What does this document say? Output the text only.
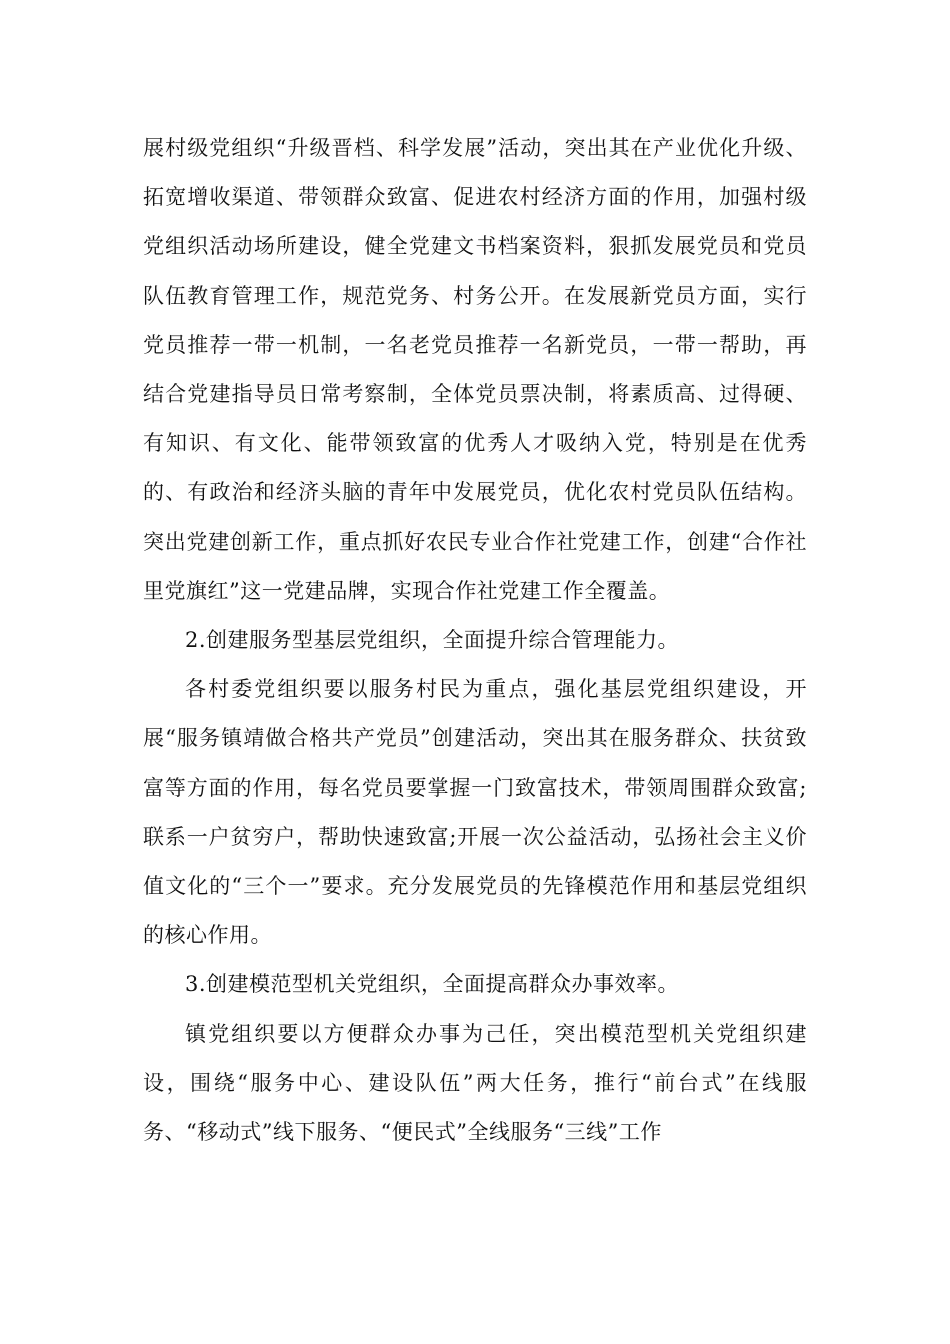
展村级党组织“升级晋档、科学发展”活动，突出其在产业优化升级、拓宽增收渠道、带领群众致富、促进农村经济方面的作用，加强村级党组织活动场所建设，健全党建文书档案资料，狠抓发展党员和党员队伍教育管理工作，规范党务、村务公开。在发展新党员方面，实行党员推荐一带一机制，一名老党员推荐一名新党员，一带一帮助，再结合党建指导员日常考察制，全体党员票决制，将素质高、过得硬、有知识、有文化、能带领致富的优秀人才吸纳入党，特别是在优秀的、有政治和经济头脑的青年中发展党员，优化农村党员队伍结构。突出党建创新工作，重点抓好农民专业合作社党建工作，创建“合作社里党旗红”这一党建品牌，实现合作社党建工作全覆盖。

2.创建服务型基层党组织，全面提升综合管理能力。

各村委党组织要以服务村民为重点，强化基层党组织建设，开展“服务镇靖做合格共产党员”创建活动，突出其在服务群众、扶贫致富等方面的作用，每名党员要掌握一门致富技术，带领周围群众致富;联系一户贫穷户，帮助快速致富;开展一次公益活动，弘扬社会主义价值文化的“三个一”要求。充分发展党员的先锋模范作用和基层党组织的核心作用。

3.创建模范型机关党组织，全面提高群众办事效率。

镇党组织要以方便群众办事为己任，突出模范型机关党组织建设，围绕“服务中心、建设队伍”两大任务，推行“前台式”在线服务、“移动式”线下服务、“便民式”全线服务“三线”工作
